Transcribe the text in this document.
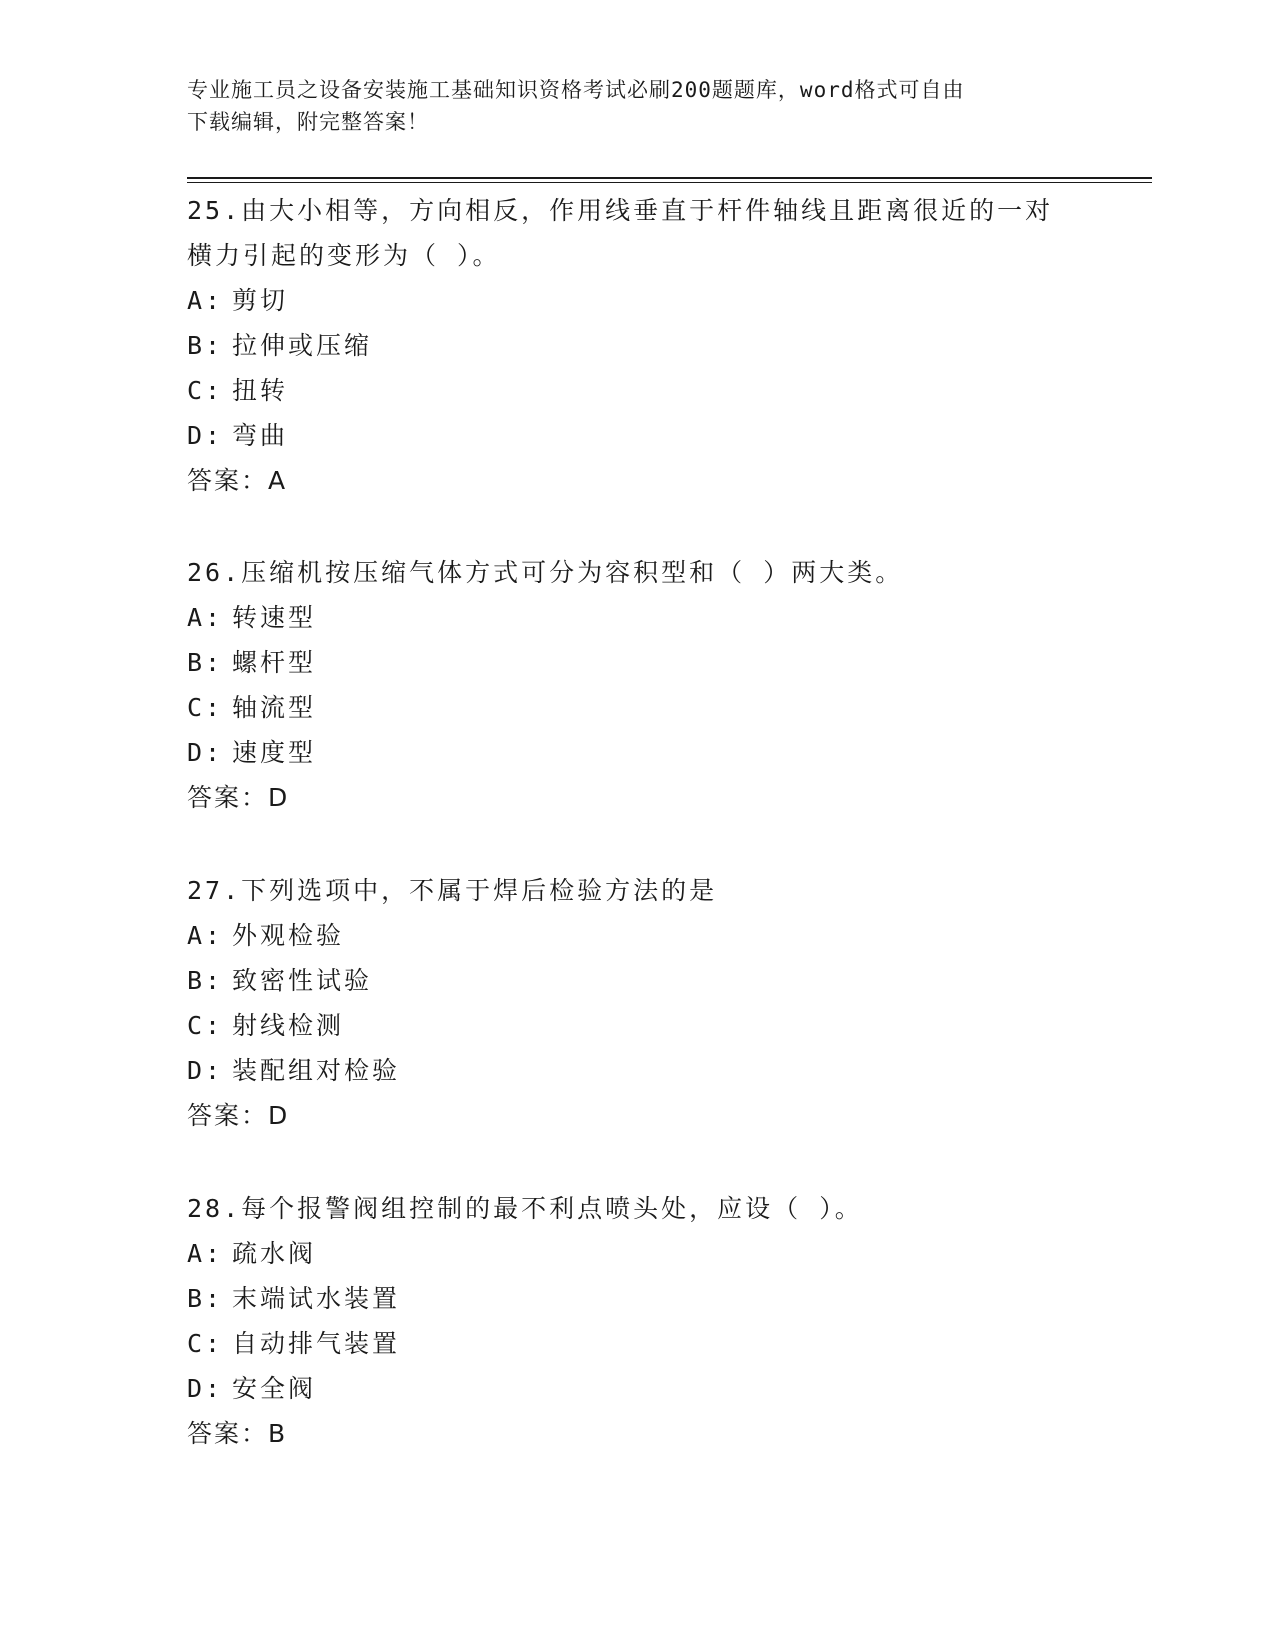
专业施工员之设备安装施工基础知识资格考试必刷200题题库，word格式可自由
下载编辑，附完整答案！

25.由大小相等，方向相反，作用线垂直于杆件轴线且距离很近的一对

横力引起的变形为（ ）。

A: 剪切

B: 拉伸或压缩

C: 扭转

D: 弯曲

答案：A

26.压缩机按压缩气体方式可分为容积型和（ ）两大类。

A: 转速型

B: 螺杆型

C: 轴流型

D: 速度型

答案：D

27.下列选项中，不属于焊后检验方法的是

A: 外观检验

B: 致密性试验

C: 射线检测

D: 装配组对检验

答案：D

28.每个报警阀组控制的最不利点喷头处，应设（ ）。

A: 疏水阀

B: 末端试水装置

C: 自动排气装置

D: 安全阀

答案：B
